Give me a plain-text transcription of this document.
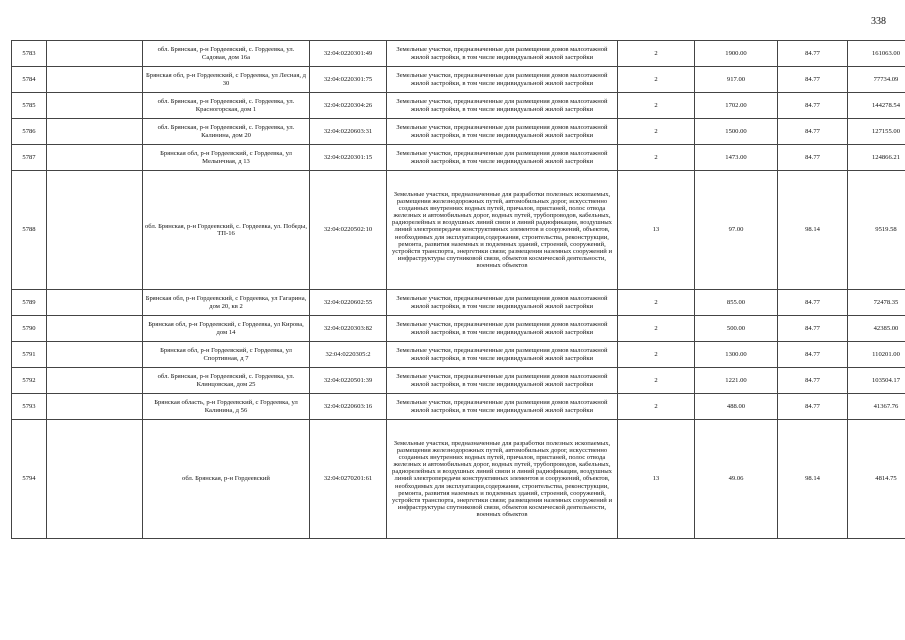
338
5783		обл. Брянская, р-н Гордеевский, с. Гордеевка, ул. Садовая, дом 16а	32:04:0220301:49	Земельные участки, предназначенные для размещения домов малоэтажной жилой застройки, в том числе индивидуальной жилой застройки	2	1900.00	84.77	161063.00
5784		Брянская обл, р-н Гордеевский, с Гордеевка, ул Лесная, д 30	32:04:0220301:75	Земельные участки, предназначенные для размещения домов малоэтажной жилой застройки, в том числе индивидуальной жилой застройки	2	917.00	84.77	77734.09
5785		обл. Брянская, р-н Гордеевский, с. Гордеевка, ул. Красногорская, дом 1	32:04:0220304:26	Земельные участки, предназначенные для размещения домов малоэтажной жилой застройки, в том числе индивидуальной жилой застройки	2	1702.00	84.77	144278.54
5786		обл. Брянская, р-н Гордеевский, с. Гордеевка, ул. Калинина, дом 20	32:04:0220603:31	Земельные участки, предназначенные для размещения домов малоэтажной жилой застройки, в том числе индивидуальной жилой застройки	2	1500.00	84.77	127155.00
5787		Брянская обл, р-н Гордеевский, с Гордеевка, ул Мелынчная, д 13	32:04:0220301:15	Земельные участки, предназначенные для размещения домов малоэтажной жилой застройки, в том числе индивидуальной жилой застройки	2	1473.00	84.77	124866.21
5788		обл. Брянская, р-н Гордеевский, с. Гордеевка, ул. Победы, ТП-16	32:04:0220502:10	Земельные участки, предназначенные для разработки полезных ископаемых, размещения железнодорожных путей, автомобильных дорог, искусственно созданных внутренних водных путей, причалов, пристаней, полос отвода железных и автомобильных дорог, водных путей, трубопроводов, кабельных, радиорелейных и воздушных линий связи и линий радиофикации, воздушных линий электропередачи конструктивных элементов и сооружений, объектов, необходимых для эксплуатации,содержания, строительства, реконструкции, ремонта, развития наземных и подземных зданий, строений, сооружений, устройств транспорта, энергетики связи; размещения наземных сооружений и инфраструктуры спутниковой связи, объектов космической деятельности, военных объектов	13	97.00	98.14	9519.58
5789		Брянская обл, р-н Гордеевский, с Гордеевка, ул Гагарина, дом 20, кв 2	32:04:0220602:55	Земельные участки, предназначенные для размещения домов малоэтажной жилой застройки, в том числе индивидуальной жилой застройки	2	855.00	84.77	72478.35
5790		Брянская обл, р-н Гордеевский, с Гордеевка, ул Кирова, дом 14	32:04:0220303:82	Земельные участки, предназначенные для размещения домов малоэтажной жилой застройки, в том числе индивидуальной жилой застройки	2	500.00	84.77	42385.00
5791		Брянская обл, р-н Гордеевский, с Гордеевка, ул Спортивная, д 7	32:04:0220305:2	Земельные участки, предназначенные для размещения домов малоэтажной жилой застройки, в том числе индивидуальной жилой застройки	2	1300.00	84.77	110201.00
5792		обл. Брянская, р-н Гордеевский, с. Гордеевка, ул. Клинцовская, дом 25	32:04:0220501:39	Земельные участки, предназначенные для размещения домов малоэтажной жилой застройки, в том числе индивидуальной жилой застройки	2	1221.00	84.77	103504.17
5793		Брянская область, р-н Гордеевский, с Гордеевка, ул Калинина, д 56	32:04:0220603:16	Земельные участки, предназначенные для размещения домов малоэтажной жилой застройки, в том числе индивидуальной жилой застройки	2	488.00	84.77	41367.76
5794		обл. Брянская, р-н Гордеевский	32:04:0270201:61	Земельные участки, предназначенные для разработки полезных ископаемых, размещения железнодорожных путей, автомобильных дорог, искусственно созданных внутренних водных путей, причалов, пристаней, полос отвода железных и автомобильных дорог, водных путей, трубопроводов, кабельных, радиорелейных и воздушных линий связи и линий радиофикации, воздушных линий электропередачи конструктивных элементов и сооружений, объектов, необходимых для эксплуатации,содержания, строительства, реконструкции, ремонта, развития наземных и подземных зданий, строений, сооружений, устройств транспорта, энергетики связи; размещения наземных сооружений и инфраструктуры спутниковой связи, объектов космической деятельности, военных объектов	13	49.06	98.14	4814.75
